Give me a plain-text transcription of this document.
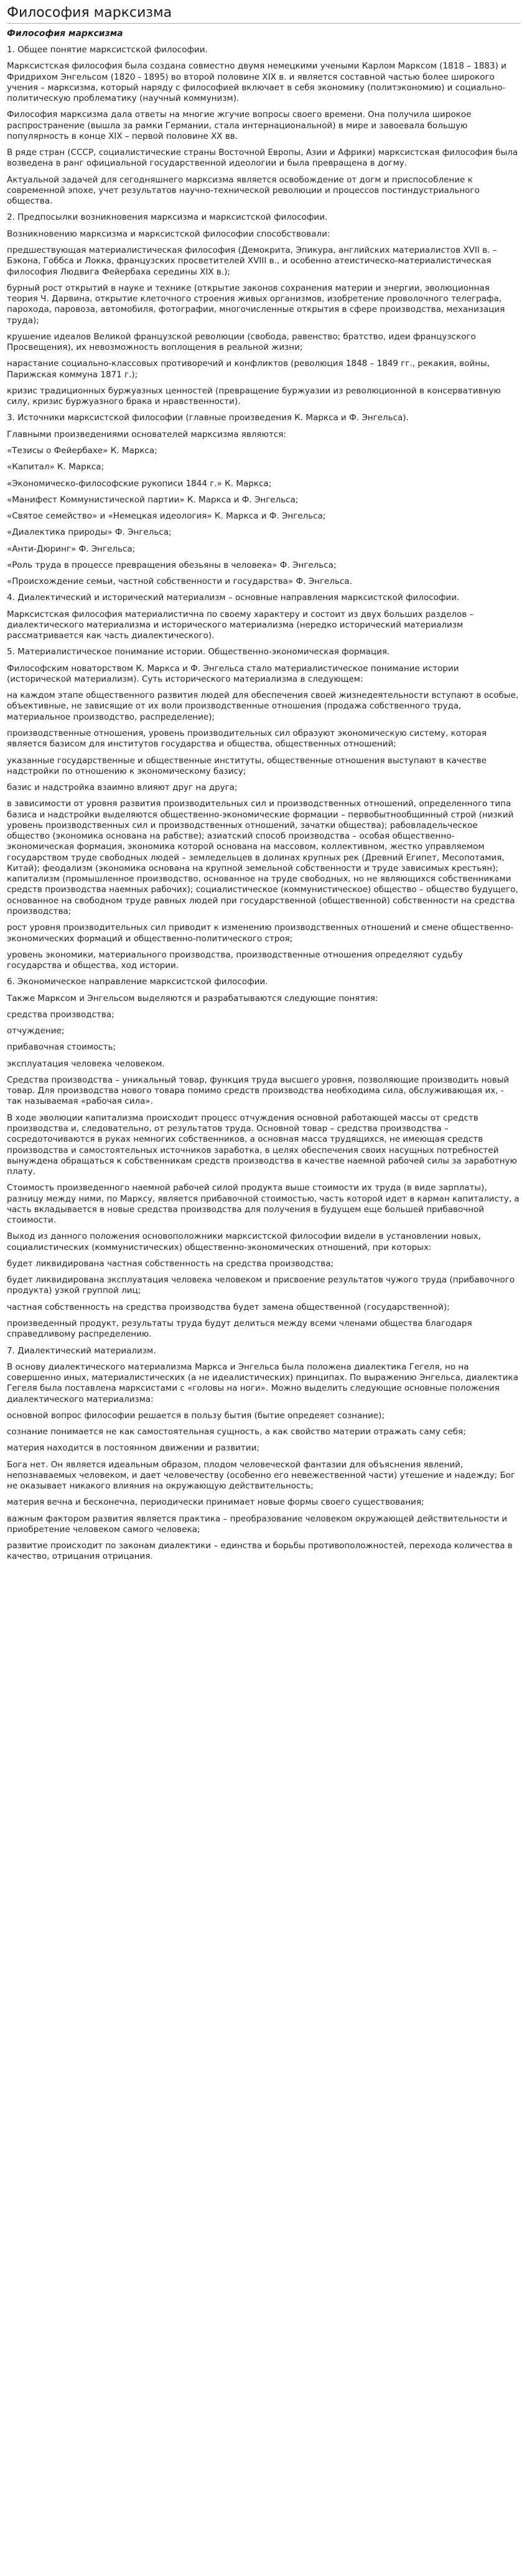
Философия марксизма
Философия марксизма

1. Общее понятие марксистской философии.

Марксистская философия была создана совместно двумя немецкими учеными Карлом Марксом (1818 – 1883) и Фридрихом Энгельсом (1820 - 1895) во второй половине XIX в. и является составной частью более широкого учения – марксизма, который наряду с философией включает в себя экономику (политэкономию) и социально-политическую проблематику (научный коммунизм).

Философия марксизма дала ответы на многие жгучие вопросы своего времени. Она получила широкое распространение (вышла за рамки Германии, стала интернациональной) в мире и завоевала большую популярность в конце XIX – первой половине XX вв.

В ряде стран (СССР, социалистические страны Восточной Европы, Азии и Африки) марксистская философия была возведена в ранг официальной государственной идеологии и была превращена в догму.

Актуальной задачей для сегодняшнего марксизма является освобождение от догм и приспособление к современной эпохе, учет результатов научно-технической революции и процессов постиндустриального общества.

2. Предпосылки возникновения марксизма и марксистской философии.

Возникновению марксизма и марксистской философии способствовали:

предшествующая материалистическая философия (Демокрита, Эпикура, английских материалистов XVII в. – Бэкона, Гоббса и Локка, французских просветителей XVIII в., и особенно атеистическо-материалистическая философия Людвига Фейербаха середины XIX в.);

бурный рост открытий в науке и технике (открытие законов сохранения материи и энергии, эволюционная теория Ч. Дарвина, открытие клеточного строения живых организмов, изобретение проволочного телеграфа, парохода, паровоза, автомобиля, фотографии, многочисленные открытия в сфере производства, механизация труда);

крушение идеалов Великой французской революции (свобода, равенство; братство, идеи французского Просвещения), их невозможность воплощения в реальной жизни;

нарастание социально-классовых противоречий и конфликтов (революция 1848 – 1849 гг., рекакия, войны, Парижская коммуна 1871 г.);

кризис традиционных буржуазных ценностей (превращение буржуазии из революционной в консервативную силу, кризис буржуазного брака и нравственности).

3. Источники марксистской философии (главные произведения К. Маркса и Ф. Энгельса).

Главными произведениями основателей марксизма являются:

«Тезисы о Фейербахе» К. Маркса;

«Капитал» К. Маркса;

«Экономическо-философские рукописи 1844 г.» К. Маркса;

«Манифест Коммунистической партии» К. Маркса и Ф. Энгельса;

«Святое семейство» и «Немецкая идеология» К. Маркса и Ф. Энгельса;

«Диалектика природы» Ф. Энгельса;

«Анти-Дюринг» Ф. Энгельса;

«Роль труда в процессе превращения обезьяны в человека» Ф. Энгельса;

«Происхождение семьи, частной собственности и государства» Ф. Энгельса.

4. Диалектический и исторический материализм – основные направления марксистской философии.

Марксистская философия материалистична по своему характеру и состоит из двух больших разделов – диалектического материализма и исторического материализма (нередко исторический материализм рассматривается как часть диалектического).

5. Материалистическое понимание истории. Общественно-экономическая формация.

Философским новаторством К. Маркса и Ф. Энгельса стало материалистическое понимание истории (исторической материализм). Суть исторического материализма в следующем:

на каждом этапе общественного развития людей для обеспечения своей жизнедеятельности вступают в особые, объективные, не зависящие от их воли производственные отношения (продажа собственного труда, материальное производство, распределение);

производственные отношения, уровень производительных сил образуют экономическую систему, которая является базисом для институтов государства и общества, общественных отношений;

указанные государственные и общественные институты, общественные отношения выступают в качестве надстройки по отношению к экономическому базису;

базис и надстройка взаимно влияют друг на друга;

в зависимости от уровня развития производительных сил и производственных отношений, определенного типа базиса и надстройки выделяются общественно-экономические формации – первобытнообщинный строй (низкий уровень производственных сил и производственных отношений, зачатки общества); рабовладельческое общество (экономика основана на рабстве); азиатский способ производства – особая общественно-экономическая формация, экономика которой основана на массовом, коллективном, жестко управляемом государством труде свободных людей – земледельцев в долинах крупных рек (Древний Египет, Месопотамия, Китай); феодализм (экономика основана на крупной земельной собственности и труде зависимых крестьян); капитализм (промышленное производство, основанное на труде свободных, но не являющихся собственниками средств производства наемных рабочих); социалистическое (коммунистическое) общество – общество будущего, основанное на свободном труде равных людей при государственной (общественной) собственности на средства производства;

рост уровня производительных сил приводит к изменению производственных отношений и смене общественно-экономических формаций и общественно-политического строя;

уровень экономики, материального производства, производственные отношения определяют судьбу государства и общества, ход истории.

6. Экономическое направление марксистской философии.

Также Марксом и Энгельсом выделяются и разрабатываются следующие понятия:

средства производства;

отчуждение;

прибавочная стоимость;

эксплуатация человека человеком.

Средства производства – уникальный товар, функция труда высшего уровня, позволяющие производить новый товар. Для производства нового товара помимо средств производства необходима сила, обслуживающая их, - так называемая «рабочая сила».

В ходе эволюции капитализма происходит процесс отчуждения основной работающей массы от средств производства и, следовательно, от результатов труда. Основной товар – средства производства – сосредоточиваются в руках немногих собственников, а основная масса трудящихся, не имеющая средств производства и самостоятельных источников заработка, в целях обеспечения своих насущных потребностей вынуждена обращаться к собственникам средств производства в качестве наемной рабочей силы за заработную плату.

Стоимость произведенного наемной рабочей силой продукта выше стоимости их труда (в виде зарплаты), разницу между ними, по Марксу, является прибавочной стоимостью, часть которой идет в карман капиталисту, а часть вкладывается в новые средства производства для получения в будущем еще большей прибавочной стоимости.

Выход из данного положения основоположники марксистской философии видели в установлении новых, социалистических (коммунистических) общественно-экономических отношений, при которых:

будет ликвидирована частная собственность на средства производства;

будет ликвидирована эксплуатация человека человеком и присвоение результатов чужого труда (прибавочного продукта) узкой группой лиц;

частная собственность на средства производства будет замена общественной (государственной);

произведенный продукт, результаты труда будут делиться между всеми членами общества благодаря справедливому распределению.

7. Диалектический материализм.

В основу диалектического материализма Маркса и Энгельса была положена диалектика Гегеля, но на совершенно иных, материалистических (а не идеалистических) принципах. По выражению Энгельса, диалектика Гегеля была поставлена марксистами с «головы на ноги». Можно выделить следующие основные положения диалектического материализма:

основной вопрос философии решается в пользу бытия (бытие опредеяет сознание);

сознание понимается не как самостоятельная сущность, а как свойство материи отражать саму себя;

материя находится в постоянном движении и развитии;

Бога нет. Он является идеальным образом, плодом человеческой фантазии для объяснения явлений, непознаваемых человеком, и дает человечеству (особенно его невежественной части) утешение и надежду; Бог не оказывает никакого влияния на окружающую действительность;

материя вечна и бесконечна, периодически принимает новые формы своего существования;

важным фактором развития является практика – преобразование человеком окружающей действительности и приобретение человеком самого человека;

развитие происходит по законам диалектики – единства и борьбы противоположностей, перехода количества в качество, отрицания отрицания.
